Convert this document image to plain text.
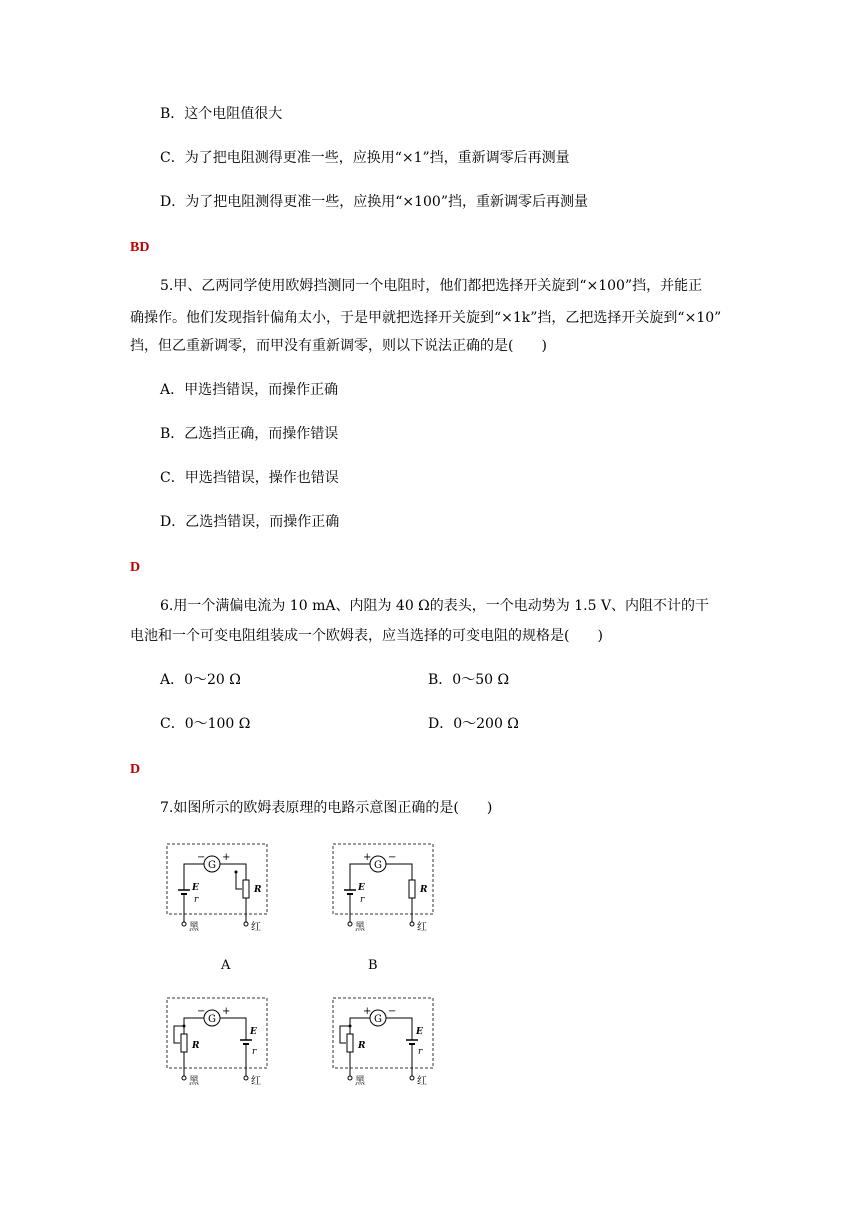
B．这个电阻值很大
C．为了把电阻测得更准一些，应换用“×1”挡，重新调零后再测量
D．为了把电阻测得更准一些，应换用“×100”挡，重新调零后再测量
BD
5.甲、乙两同学使用欧姆挡测同一个电阻时，他们都把选择开关旋到“×100”挡，并能正
确操作。他们发现指针偏角太小，于是甲就把选择开关旋到“×1k”挡，乙把选择开关旋到“×10”
挡，但乙重新调零，而甲没有重新调零，则以下说法正确的是(　　)
A．甲选挡错误，而操作正确
B．乙选挡正确，而操作错误
C．甲选挡错误，操作也错误
D．乙选挡错误，而操作正确
D
6.用一个满偏电流为 10 mA、内阻为 40 Ω的表头，一个电动势为 1.5 V、内阻不计的干
电池和一个可变电阻组装成一个欧姆表，应当选择的可变电阻的规格是(　　)
A．0～20 Ω	B．0～50 Ω
C．0～100 Ω	D．0～200 Ω
D
7.如图所示的欧姆表原理的电路示意图正确的是(　　)
G
− +
R
E
r
黑	红
G
+ −
R
E
r
黑	红
A	B
G
− +
R
E
r
黑	红
G
+ −
R
E
r
黑	红
